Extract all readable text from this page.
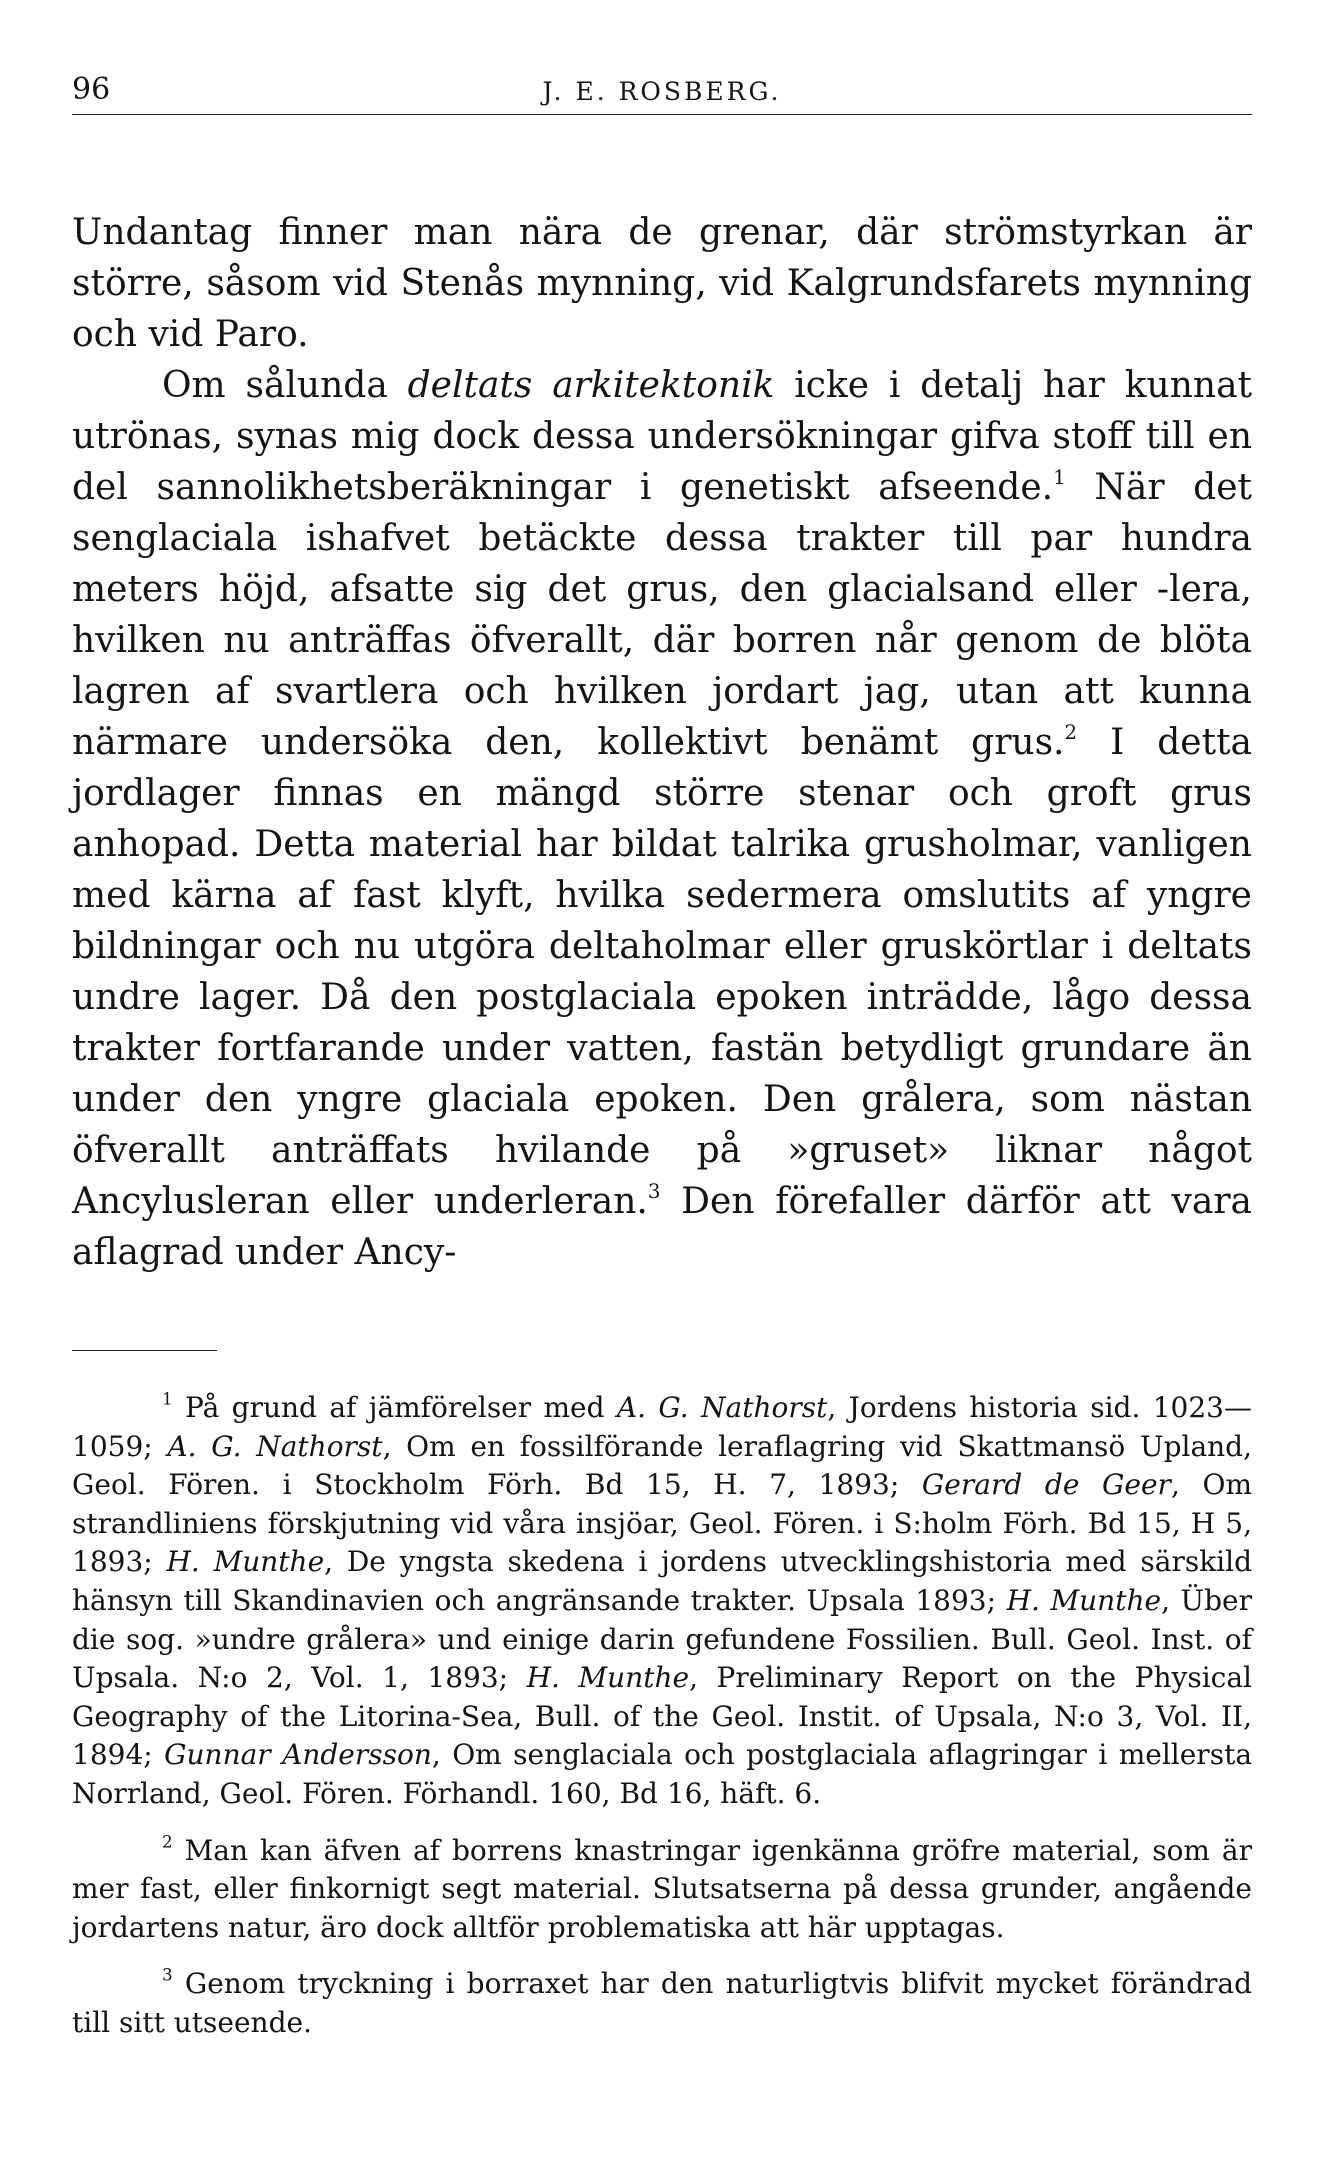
96	J. E. ROSBERG.

Undantag finner man nära de grenar, där strömstyrkan är större, såsom vid Stenås mynning, vid Kalgrundsfarets mynning och vid Paro.

Om sålunda deltats arkitektonik icke i detalj har kunnat utrönas, synas mig dock dessa undersökningar gifva stoff till en del sannolikhetsberäkningar i genetiskt afseende.$^1$ När det senglaciala ishafvet betäckte dessa trakter till par hundra meters höjd, afsatte sig det grus, den glacialsand eller -lera, hvilken nu anträffas öfverallt, där borren når genom de blöta lagren af svartlera och hvilken jordart jag, utan att kunna närmare undersöka den, kollektivt benämt grus.$^2$ I detta jordlager finnas en mängd större stenar och groft grus anhopad. Detta material har bildat talrika grusholmar, vanligen med kärna af fast klyft, hvilka sedermera omslutits af yngre bildningar och nu utgöra deltaholmar eller gruskörtlar i deltats undre lager. Då den postglaciala epoken inträdde, lågo dessa trakter fortfarande under vatten, fastän betydligt grundare än under den yngre glaciala epoken. Den grålera, som nästan öfverallt anträffats hvilande på »gruset» liknar något Ancylusleran eller underleran.$^3$ Den förefaller därför att vara aflagrad under Ancy-

$^1$ På grund af jämförelser med A. G. Nathorst, Jordens historia sid. 1023—1059; A. G. Nathorst, Om en fossilförande leraflagring vid Skattmansö Upland, Geol. Fören. i Stockholm Förh. Bd 15, H. 7, 1893; Gerard de Geer, Om strandliniens förskjutning vid våra insjöar, Geol. Fören. i S:holm Förh. Bd 15, H 5, 1893; H. Munthe, De yngsta skedena i jordens utvecklingshistoria med särskild hänsyn till Skandinavien och angränsande trakter. Upsala 1893; H. Munthe, Über die sog. »undre grålera» und einige darin gefundene Fossilien. Bull. Geol. Inst. of Upsala. N:o 2, Vol. 1, 1893; H. Munthe, Preliminary Report on the Physical Geography of the Litorina-Sea, Bull. of the Geol. Instit. of Upsala, N:o 3, Vol. II, 1894; Gunnar Andersson, Om senglaciala och postglaciala aflagringar i mellersta Norrland, Geol. Fören. Förhandl. 160, Bd 16, häft. 6.

$^2$ Man kan äfven af borrens knastringar igenkänna gröfre material, som är mer fast, eller finkornigt segt material. Slutsatserna på dessa grunder, angående jordartens natur, äro dock alltför problematiska att här upptagas.

$^3$ Genom tryckning i borraxet har den naturligtvis blifvit mycket förändrad till sitt utseende.
